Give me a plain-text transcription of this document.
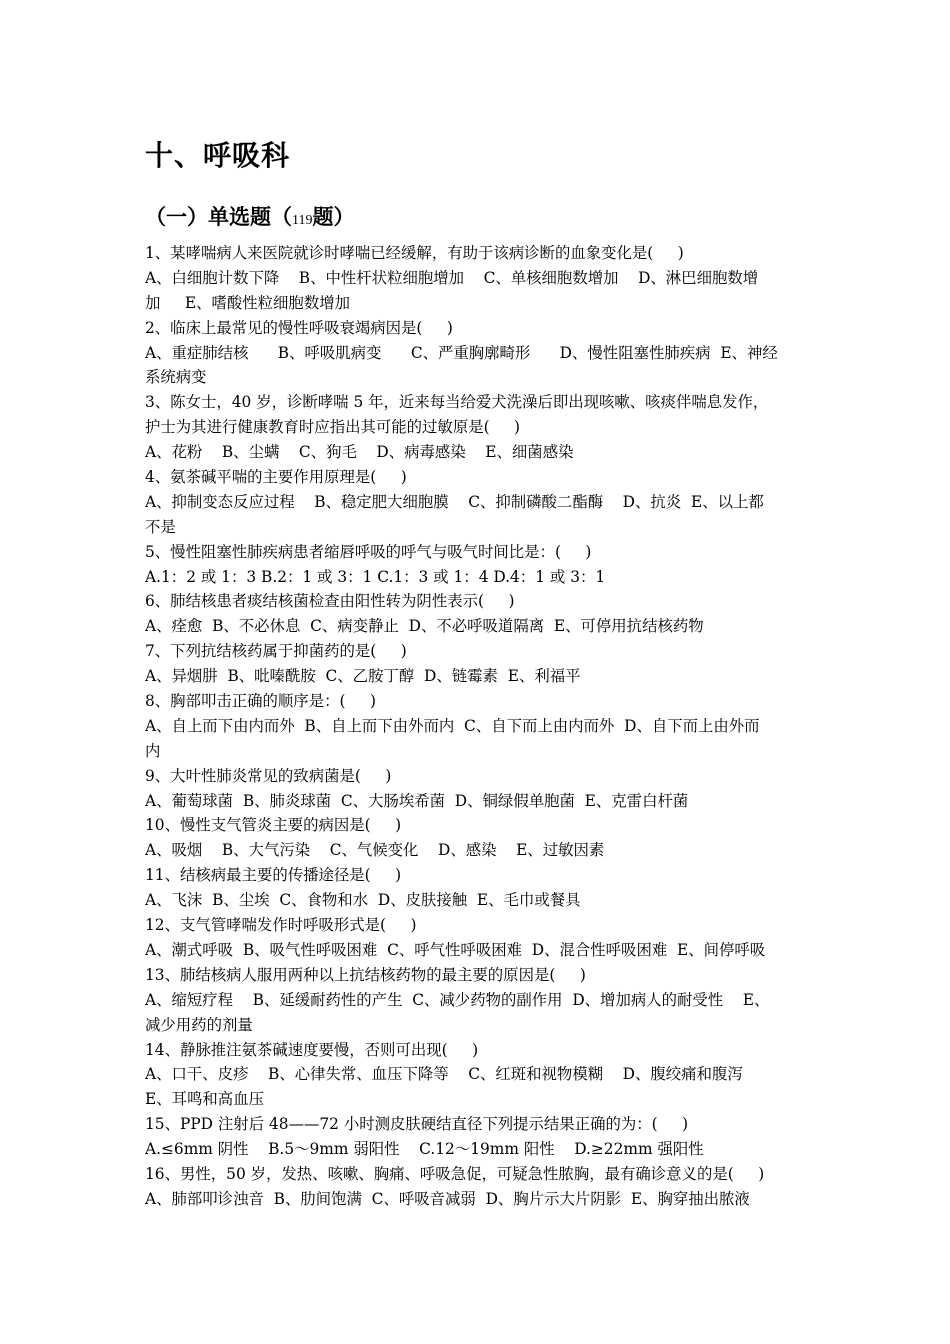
十、呼吸科
（一）单选题（119题）
1、某哮喘病人来医院就诊时哮喘已经缓解，有助于该病诊断的血象变化是(     )
A、白细胞计数下降    B、中性杆状粒细胞增加    C、单核细胞数增加    D、淋巴细胞数增
加     E、嗜酸性粒细胞数增加
2、临床上最常见的慢性呼吸衰竭病因是(     )
A、重症肺结核      B、呼吸肌病变      C、严重胸廓畸形      D、慢性阻塞性肺疾病  E、神经
系统病变
3、陈女士，40 岁，诊断哮喘 5 年，近来每当给爱犬洗澡后即出现咳嗽、咳痰伴喘息发作，
护士为其进行健康教育时应指出其可能的过敏原是(     )
A、花粉    B、尘螨    C、狗毛    D、病毒感染    E、细菌感染
4、氨茶碱平喘的主要作用原理是(     )
A、抑制变态反应过程    B、稳定肥大细胞膜    C、抑制磷酸二酯酶    D、抗炎  E、以上都
不是
5、慢性阻塞性肺疾病患者缩唇呼吸的呼气与吸气时间比是：(     )
A.1：2 或 1：3 B.2：1 或 3：1 C.1：3 或 1：4 D.4：1 或 3：1
6、肺结核患者痰结核菌检查由阳性转为阴性表示(     )
A、痊愈  B、不必休息  C、病变静止  D、不必呼吸道隔离  E、可停用抗结核药物
7、下列抗结核药属于抑菌药的是(     )
A、异烟肼  B、吡嗪酰胺  C、乙胺丁醇  D、链霉素  E、利福平
8、胸部叩击正确的顺序是：(     )
A、自上而下由内而外  B、自上而下由外而内  C、自下而上由内而外  D、自下而上由外而
内
9、大叶性肺炎常见的致病菌是(     )
A、葡萄球菌  B、肺炎球菌  C、大肠埃希菌  D、铜绿假单胞菌  E、克雷白杆菌
10、慢性支气管炎主要的病因是(     )
A、吸烟    B、大气污染    C、气候变化    D、感染    E、过敏因素
11、结核病最主要的传播途径是(     )
A、飞沫  B、尘埃  C、食物和水  D、皮肤接触  E、毛巾或餐具
12、支气管哮喘发作时呼吸形式是(     )
A、潮式呼吸  B、吸气性呼吸困难  C、呼气性呼吸困难  D、混合性呼吸困难  E、间停呼吸
13、肺结核病人服用两种以上抗结核药物的最主要的原因是(     )
A、缩短疗程    B、延缓耐药性的产生  C、减少药物的副作用  D、增加病人的耐受性    E、
减少用药的剂量
14、静脉推注氨茶碱速度要慢，否则可出现(     )
A、口干、皮疹    B、心律失常、血压下降等    C、红斑和视物模糊    D、腹绞痛和腹泻
E、耳鸣和高血压
15、PPD 注射后 48——72 小时测皮肤硬结直径下列提示结果正确的为：(     )
A.≤6mm 阴性    B.5～9mm 弱阳性    C.12～19mm 阳性    D.≥22mm 强阳性
16、男性，50 岁，发热、咳嗽、胸痛、呼吸急促，可疑急性脓胸，最有确诊意义的是(     )
A、肺部叩诊浊音  B、肋间饱满  C、呼吸音减弱  D、胸片示大片阴影  E、胸穿抽出脓液
